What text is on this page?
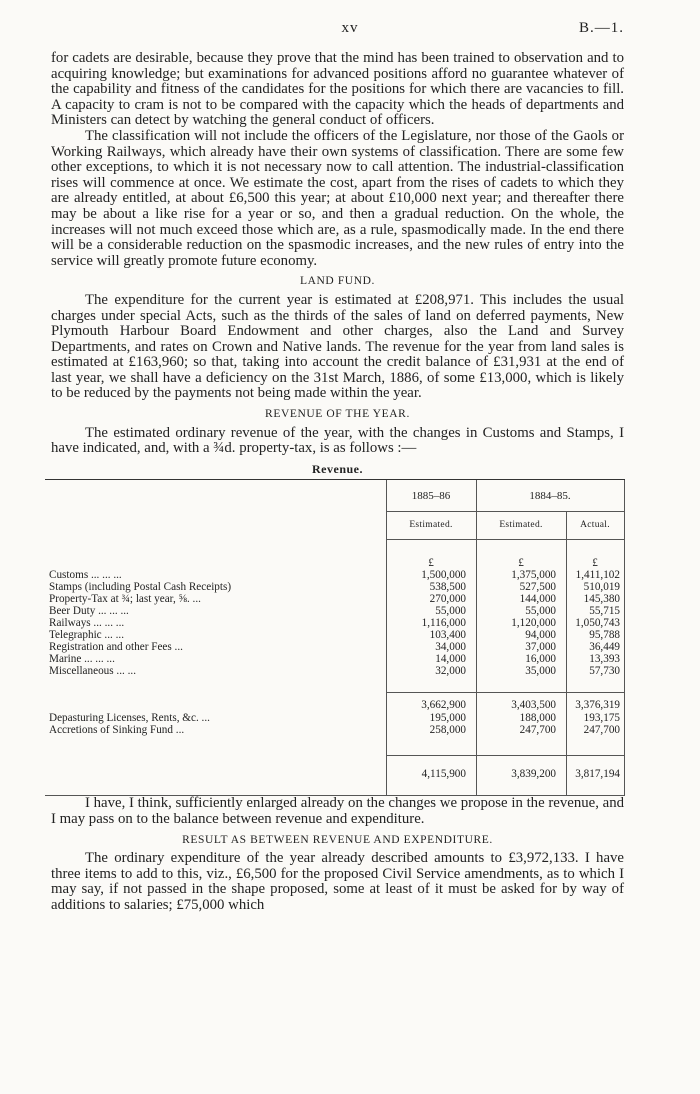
xv	B.—1.

for cadets are desirable, because they prove that the mind has been trained to observation and to acquiring knowledge; but examinations for advanced positions afford no guarantee whatever of the capability and fitness of the candidates for the positions for which there are vacancies to fill. A capacity to cram is not to be compared with the capacity which the heads of departments and Ministers can detect by watching the general conduct of officers.

The classification will not include the officers of the Legislature, nor those of the Gaols or Working Railways, which already have their own systems of classification. There are some few other exceptions, to which it is not necessary now to call attention. The industrial-classification rises will commence at once. We estimate the cost, apart from the rises of cadets to which they are already entitled, at about £6,500 this year; at about £10,000 next year; and thereafter there may be about a like rise for a year or so, and then a gradual reduction. On the whole, the increases will not much exceed those which are, as a rule, spasmodically made. In the end there will be a considerable reduction on the spasmodic increases, and the new rules of entry into the service will greatly promote future economy.

LAND FUND.

The expenditure for the current year is estimated at £208,971. This includes the usual charges under special Acts, such as the thirds of the sales of land on deferred payments, New Plymouth Harbour Board Endowment and other charges, also the Land and Survey Departments, and rates on Crown and Native lands. The revenue for the year from land sales is estimated at £163,960; so that, taking into account the credit balance of £31,931 at the end of last year, we shall have a deficiency on the 31st March, 1886, of some £13,000, which is likely to be reduced by the payments not being made within the year.

REVENUE OF THE YEAR.

The estimated ordinary revenue of the year, with the changes in Customs and Stamps, I have indicated, and, with a ¾d. property-tax, is as follows :—

Revenue.
1885–86	1884–85.
Estimated.	Estimated.	Actual.
£	£	£
Customs ... ... ...	1,500,000	1,375,000	1,411,102
Stamps (including Postal Cash Receipts)	538,500	527,500	510,019
Property-Tax at ¾; last year, ⅝. ...	270,000	144,000	145,380
Beer Duty ... ... ...	55,000	55,000	55,715
Railways ... ... ...	1,116,000	1,120,000	1,050,743
Telegraphic ... ...	103,400	94,000	95,788
Registration and other Fees ...	34,000	37,000	36,449
Marine ... ... ...	14,000	16,000	13,393
Miscellaneous ... ...	32,000	35,000	57,730
3,662,900	3,403,500	3,376,319
Depasturing Licenses, Rents, &c. ...	195,000	188,000	193,175
Accretions of Sinking Fund ...	258,000	247,700	247,700
4,115,900	3,839,200	3,817,194

I have, I think, sufficiently enlarged already on the changes we propose in the revenue, and I may pass on to the balance between revenue and expenditure.

RESULT AS BETWEEN REVENUE AND EXPENDITURE.

The ordinary expenditure of the year already described amounts to £3,972,133. I have three items to add to this, viz., £6,500 for the proposed Civil Service amendments, as to which I may say, if not passed in the shape proposed, some at least of it must be asked for by way of additions to salaries; £75,000 which
